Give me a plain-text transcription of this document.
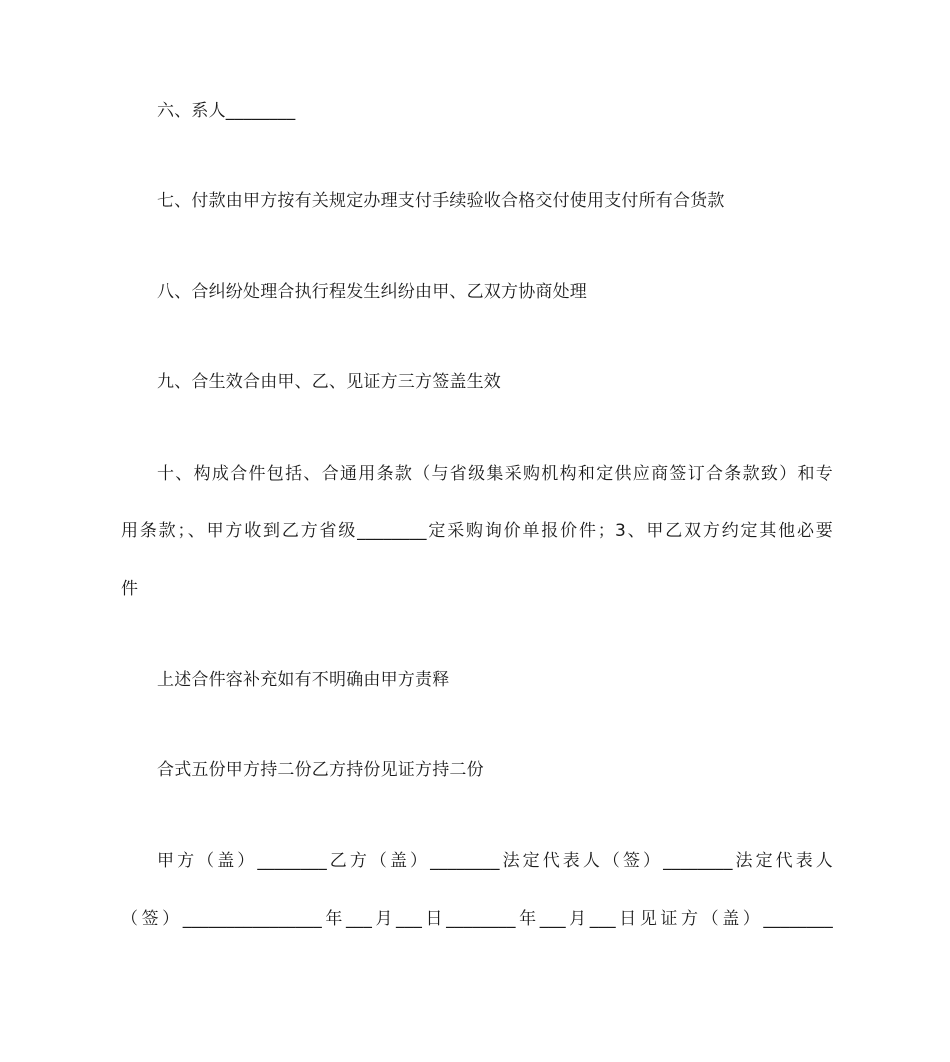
六、系人________
七、付款由甲方按有关规定办理支付手续验收合格交付使用支付所有合货款
八、合纠纷处理合执行程发生纠纷由甲、乙双方协商处理
九、合生效合由甲、乙、见证方三方签盖生效
十、构成合件包括、合通用条款（与省级集采购机构和定供应商签订合条款致）和专
用条款；、甲方收到乙方省级________定采购询价单报价件；3、甲乙双方约定其他必要
件
上述合件容补充如有不明确由甲方责释
合式五份甲方持二份乙方持份见证方持二份
甲方（盖）________乙方（盖）________法定代表人（签）________法定代表人
（签）________________年___月___日________年___月___日见证方（盖）________
